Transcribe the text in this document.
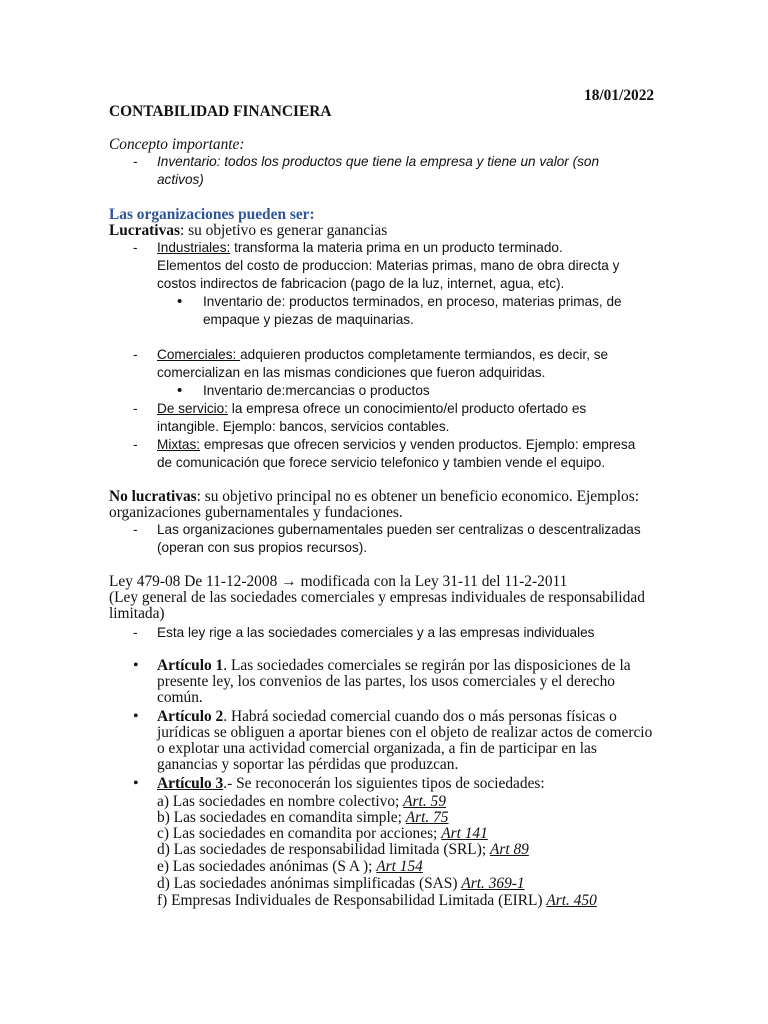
18/01/2022
CONTABILIDAD FINANCIERA
Concepto importante:
- Inventario: todos los productos que tiene la empresa y tiene un valor (son
activos)
Las organizaciones pueden ser:
Lucrativas: su objetivo es generar ganancias
- Industriales: transforma la materia prima en un producto terminado.
Elementos del costo de produccion: Materias primas, mano de obra directa y
costos indirectos de fabricacion (pago de la luz, internet, agua, etc).
• Inventario de: productos terminados, en proceso, materias primas, de
empaque y piezas de maquinarias.
- Comerciales: adquieren productos completamente termiandos, es decir, se
comercializan en las mismas condiciones que fueron adquiridas.
• Inventario de:mercancias o productos
- De servicio: la empresa ofrece un conocimiento/el producto ofertado es
intangible. Ejemplo: bancos, servicios contables.
- Mixtas: empresas que ofrecen servicios y venden productos. Ejemplo: empresa
de comunicación que forece servicio telefonico y tambien vende el equipo.
No lucrativas: su objetivo principal no es obtener un beneficio economico. Ejemplos:
organizaciones gubernamentales y fundaciones.
- Las organizaciones gubernamentales pueden ser centralizas o descentralizadas
(operan con sus propios recursos).
Ley 479-08 De 11-12-2008 → modificada con la Ley 31-11 del 11-2-2011
(Ley general de las sociedades comerciales y empresas individuales de responsabilidad
limitada)
- Esta ley rige a las sociedades comerciales y a las empresas individuales
• Artículo 1. Las sociedades comerciales se regirán por las disposiciones de la
presente ley, los convenios de las partes, los usos comerciales y el derecho
común.
• Artículo 2. Habrá sociedad comercial cuando dos o más personas físicas o
jurídicas se obliguen a aportar bienes con el objeto de realizar actos de comercio
o explotar una actividad comercial organizada, a fin de participar en las
ganancias y soportar las pérdidas que produzcan.
• Artículo 3.- Se reconocerán los siguientes tipos de sociedades:
a) Las sociedades en nombre colectivo; Art. 59
b) Las sociedades en comandita simple; Art. 75
c) Las sociedades en comandita por acciones; Art 141
d) Las sociedades de responsabilidad limitada (SRL); Art 89
e) Las sociedades anónimas (S A ); Art 154
d) Las sociedades anónimas simplificadas (SAS) Art. 369-1
f) Empresas Individuales de Responsabilidad Limitada (EIRL) Art. 450
